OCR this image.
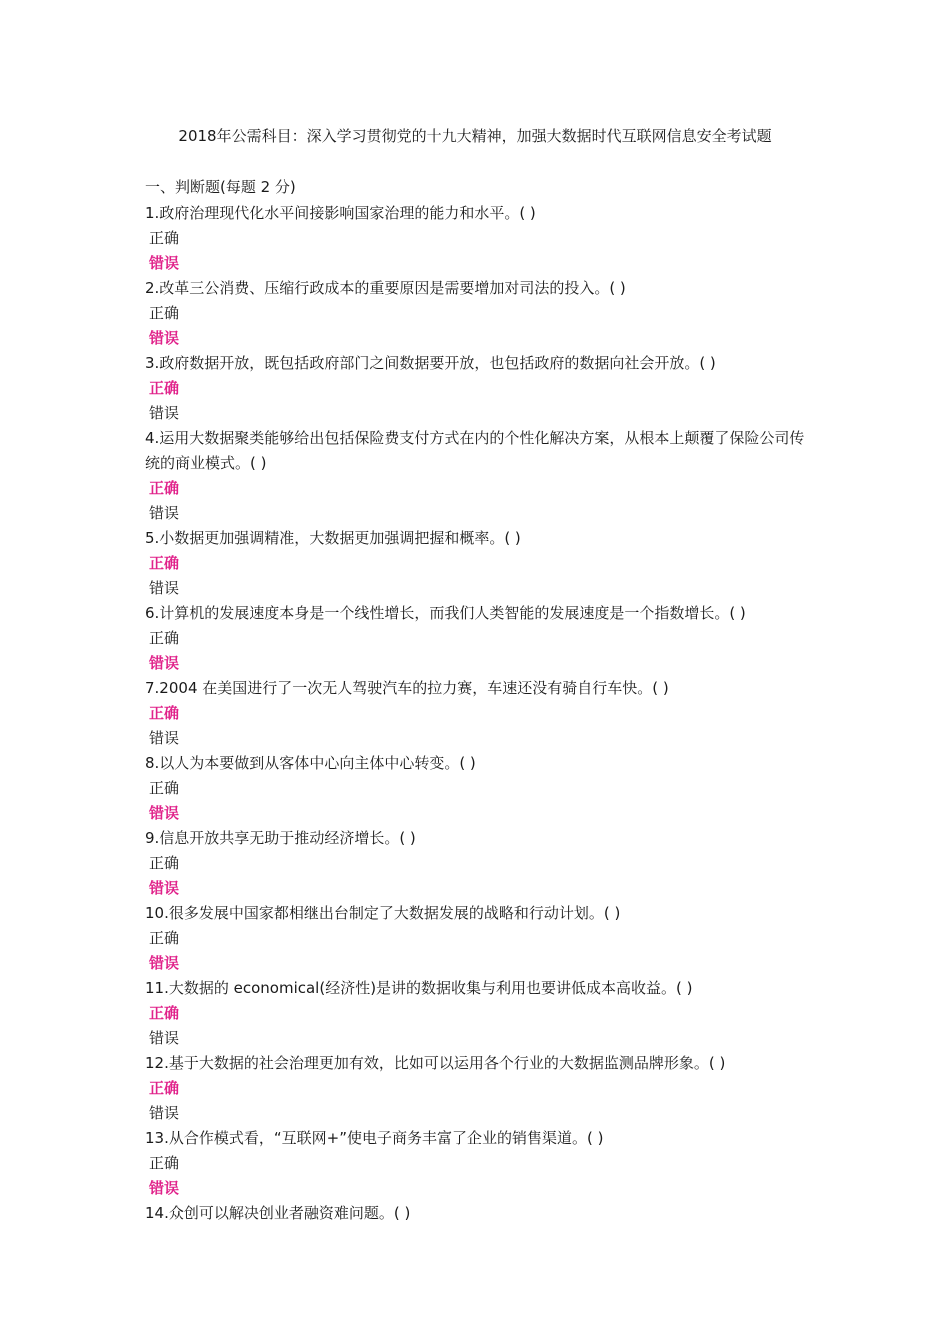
2018年公需科目：深入学习贯彻党的十九大精神，加强大数据时代互联网信息安全考试题
一、判断题(每题 2 分)
1.政府治理现代化水平间接影响国家治理的能力和水平。( )
正确
错误
2.改革三公消费、压缩行政成本的重要原因是需要增加对司法的投入。( )
正确
错误
3.政府数据开放，既包括政府部门之间数据要开放，也包括政府的数据向社会开放。( )
正确
错误
4.运用大数据聚类能够给出包括保险费支付方式在内的个性化解决方案，从根本上颠覆了保险公司传统的商业模式。( )
正确
错误
5.小数据更加强调精准，大数据更加强调把握和概率。( )
正确
错误
6.计算机的发展速度本身是一个线性增长，而我们人类智能的发展速度是一个指数增长。( )
正确
错误
7.2004 在美国进行了一次无人驾驶汽车的拉力赛，车速还没有骑自行车快。( )
正确
错误
8.以人为本要做到从客体中心向主体中心转变。( )
正确
错误
9.信息开放共享无助于推动经济增长。( )
正确
错误
10.很多发展中国家都相继出台制定了大数据发展的战略和行动计划。( )
正确
错误
11.大数据的 economical(经济性)是讲的数据收集与利用也要讲低成本高收益。( )
正确
错误
12.基于大数据的社会治理更加有效，比如可以运用各个行业的大数据监测品牌形象。( )
正确
错误
13.从合作模式看，“互联网+”使电子商务丰富了企业的销售渠道。( )
正确
错误
14.众创可以解决创业者融资难问题。( )
